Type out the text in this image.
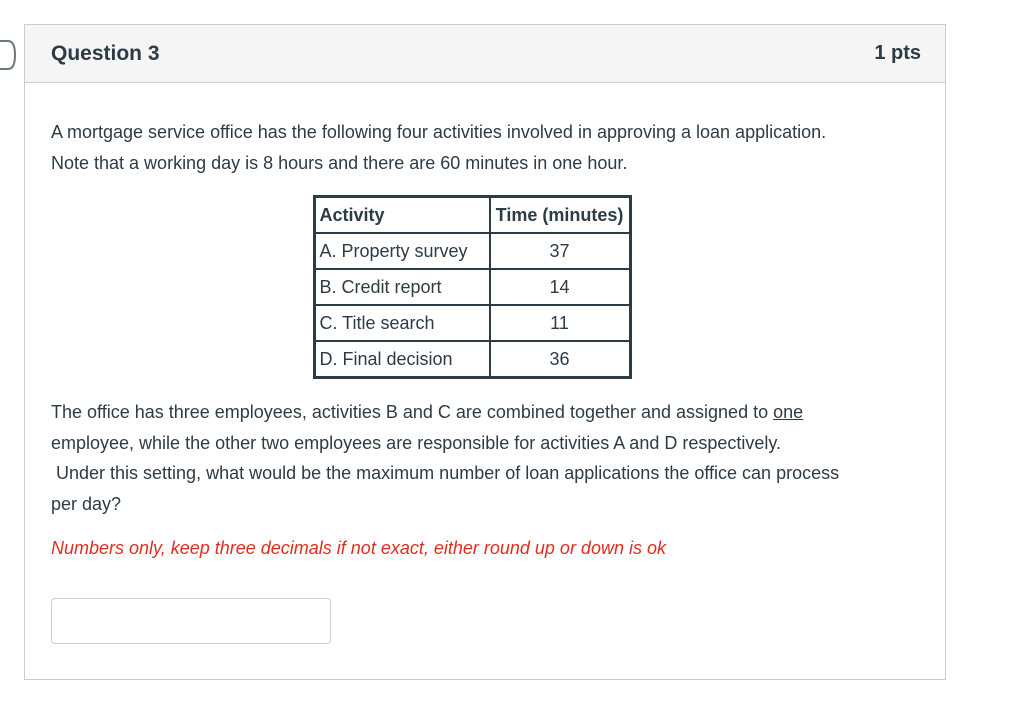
Question 3	1 pts

A mortgage service office has the following four activities involved in approving a loan application.

Note that a working day is 8 hours and there are 60 minutes in one hour.

Activity	Time (minutes)
A. Property survey	37
B. Credit report	14
C. Title search	11
D. Final decision	36

The office has three employees, activities B and C are combined together and assigned to one
employee, while the other two employees are responsible for activities A and D respectively.
Under this setting, what would be the maximum number of loan applications the office can process
per day?

Numbers only, keep three decimals if not exact, either round up or down is ok
